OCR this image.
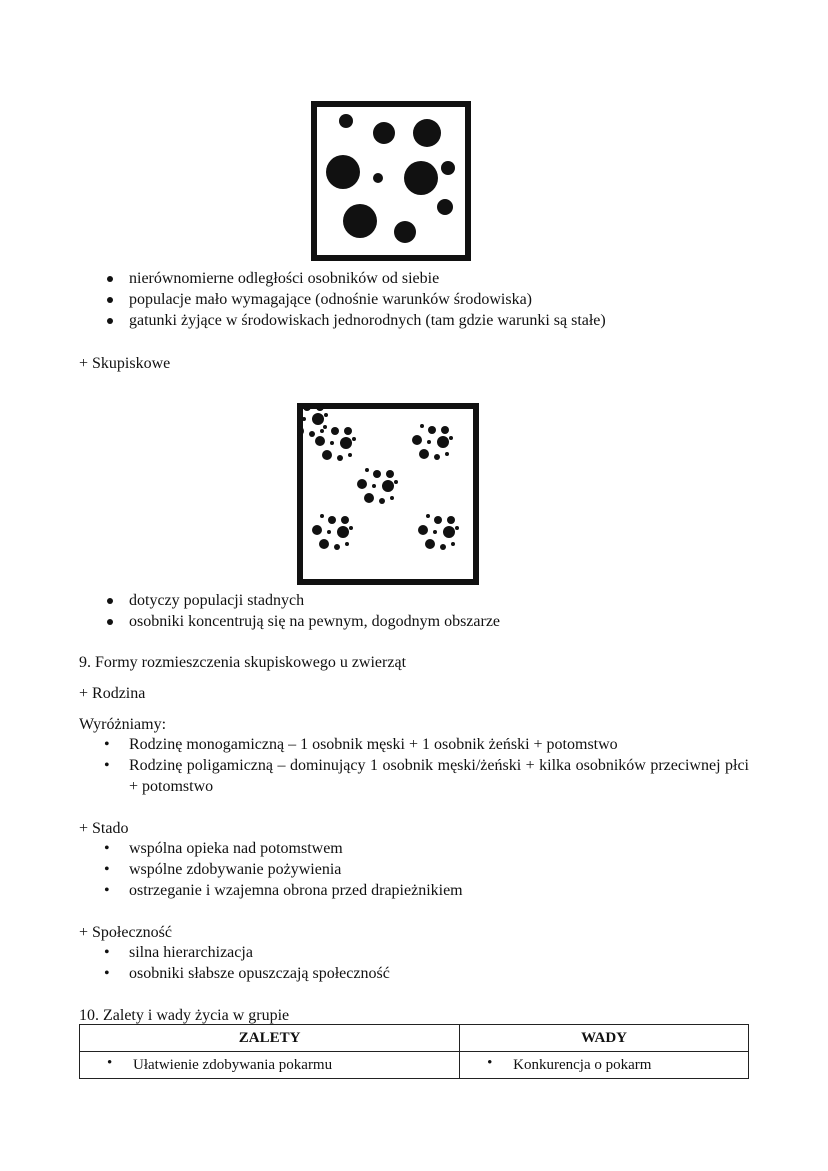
nierównomierne odległości osobników od siebie
populacje mało wymagające (odnośnie warunków środowiska)
gatunki żyjące w środowiskach jednorodnych (tam gdzie warunki są stałe)
+ Skupiskowe
dotyczy populacji stadnych
osobniki koncentrują się na pewnym, dogodnym obszarze
9. Formy rozmieszczenia skupiskowego u zwierząt
+ Rodzina
Wyróżniamy:
• Rodzinę monogamiczną – 1 osobnik męski + 1 osobnik żeński + potomstwo
• Rodzinę poligamiczną – dominujący 1 osobnik męski/żeński + kilka osobników przeciwnej płci + potomstwo
+ Stado
• wspólna opieka nad potomstwem
• wspólne zdobywanie pożywienia
• ostrzeganie i wzajemna obrona przed drapieżnikiem
+ Społeczność
• silna hierarchizacja
• osobniki słabsze opuszczają społeczność
10. Zalety i wady życia w grupie
ZALETY	WADY

• Ułatwienie zdobywania pokarmu	• Konkurencja o pokarm
